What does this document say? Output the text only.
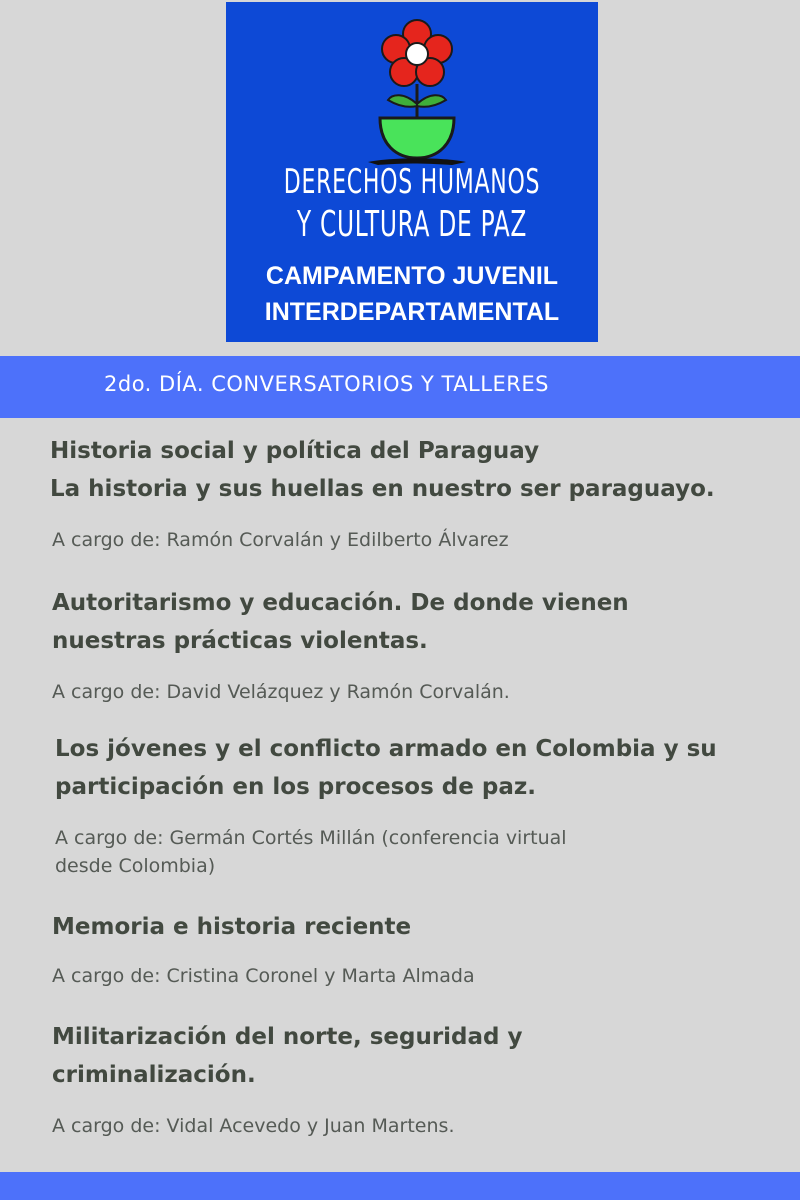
DERECHOS HUMANOS
Y CULTURA DE PAZ
CAMPAMENTO JUVENIL
INTERDEPARTAMENTAL
2do. DÍA. CONVERSATORIOS Y TALLERES
Historia social y política del Paraguay
La historia y sus huellas en nuestro ser paraguayo.
A cargo de: Ramón Corvalán y Edilberto Álvarez
Autoritarismo y educación. De donde vienen
nuestras prácticas violentas.
A cargo de: David Velázquez y Ramón Corvalán.
Los jóvenes y el conflicto armado en Colombia y su
participación en los procesos de paz.
A cargo de: Germán Cortés Millán (conferencia virtual
desde Colombia)
Memoria e historia reciente
A cargo de: Cristina Coronel y Marta Almada
Militarización del norte, seguridad y
criminalización.
A cargo de: Vidal Acevedo y Juan Martens.
